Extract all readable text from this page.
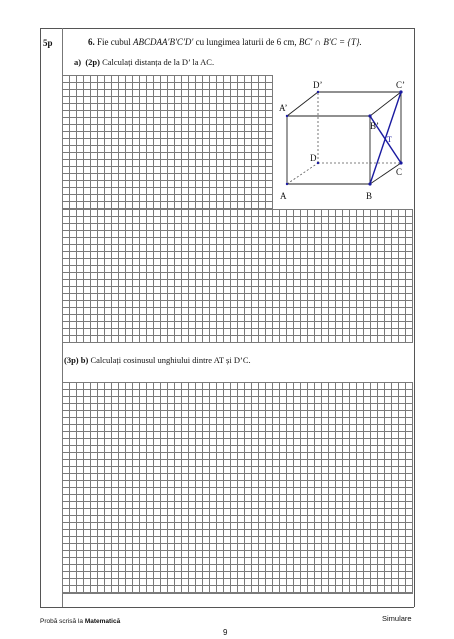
5p	6. Fie cubul ABCDAA′B′C′D′ cu lungimea laturii de 6 cm, BC′ ∩ B′C = {T}.
a) (2p) Calculați distanța de la D’ la AC.
A	B
C
D
A’
B’
C’
D’
T
(3p) b) Calculați cosinusul unghiului dintre AT și D’C.
Probă scrisă la Matematică	Simulare
9
